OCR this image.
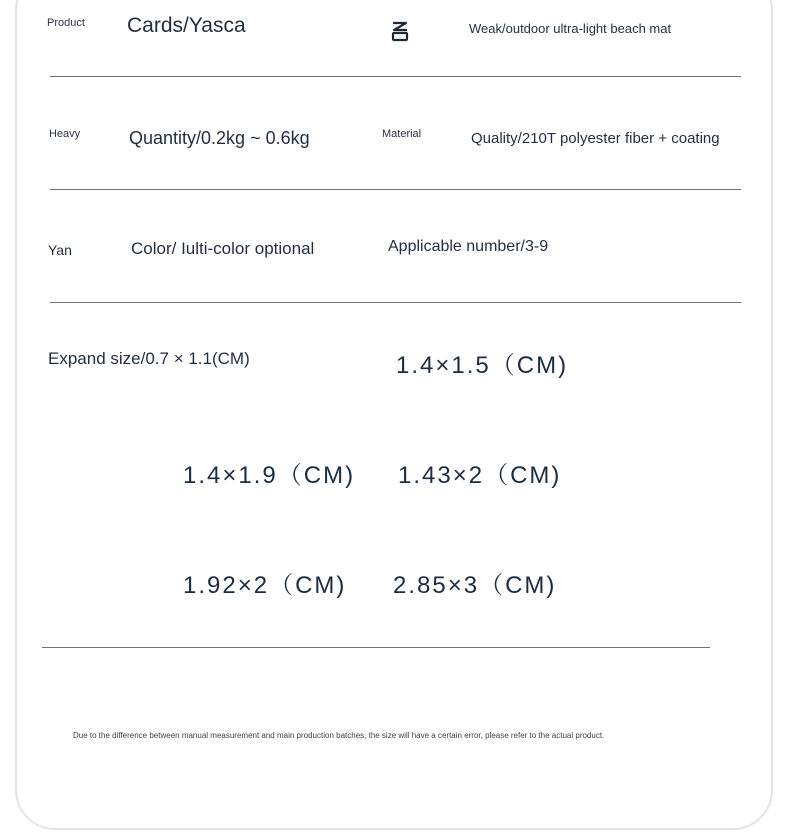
Product Cards/Yasca	Weak/outdoor ultra-light beach mat
Heavy	Quantity/0.2kg ~ 0.6kg	Material	Quality/210T polyester fiber + coating
Yan	Color/ Iulti-color optional	Applicable number/3-9
Expand size/0.7 × 1.1(CM)	1.4×1.5（CM)
1.4×1.9（CM) 1.43×2（CM)
1.92×2（CM) 2.85×3（CM)
Due to the difference between manual measurement and main production batches, the size will have a certain error, please refer to the actual product.
